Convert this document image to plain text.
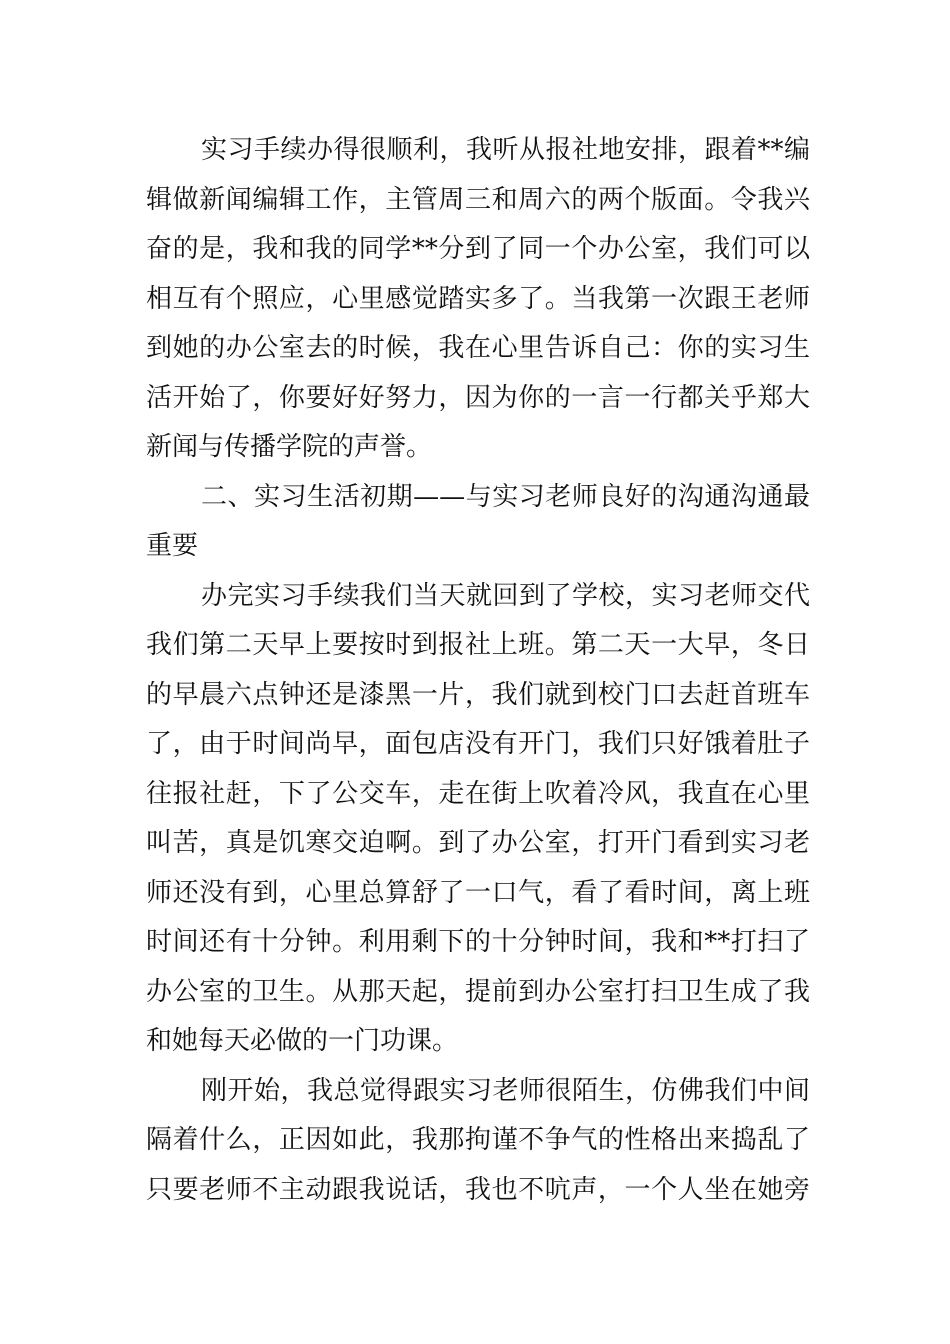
实习手续办得很顺利，我听从报社地安排，跟着**编
辑做新闻编辑工作，主管周三和周六的两个版面。令我兴
奋的是，我和我的同学**分到了同一个办公室，我们可以
相互有个照应，心里感觉踏实多了。当我第一次跟王老师
到她的办公室去的时候，我在心里告诉自己：你的实习生
活开始了，你要好好努力，因为你的一言一行都关乎郑大
新闻与传播学院的声誉。
二、实习生活初期——与实习老师良好的沟通沟通最
重要
办完实习手续我们当天就回到了学校，实习老师交代
我们第二天早上要按时到报社上班。第二天一大早，冬日
的早晨六点钟还是漆黑一片，我们就到校门口去赶首班车
了，由于时间尚早，面包店没有开门，我们只好饿着肚子
往报社赶，下了公交车，走在街上吹着冷风，我直在心里
叫苦，真是饥寒交迫啊。到了办公室，打开门看到实习老
师还没有到，心里总算舒了一口气，看了看时间，离上班
时间还有十分钟。利用剩下的十分钟时间，我和**打扫了
办公室的卫生。从那天起，提前到办公室打扫卫生成了我
和她每天必做的一门功课。
刚开始，我总觉得跟实习老师很陌生，仿佛我们中间
隔着什么，正因如此，我那拘谨不争气的性格出来捣乱了
只要老师不主动跟我说话，我也不吭声，一个人坐在她旁
